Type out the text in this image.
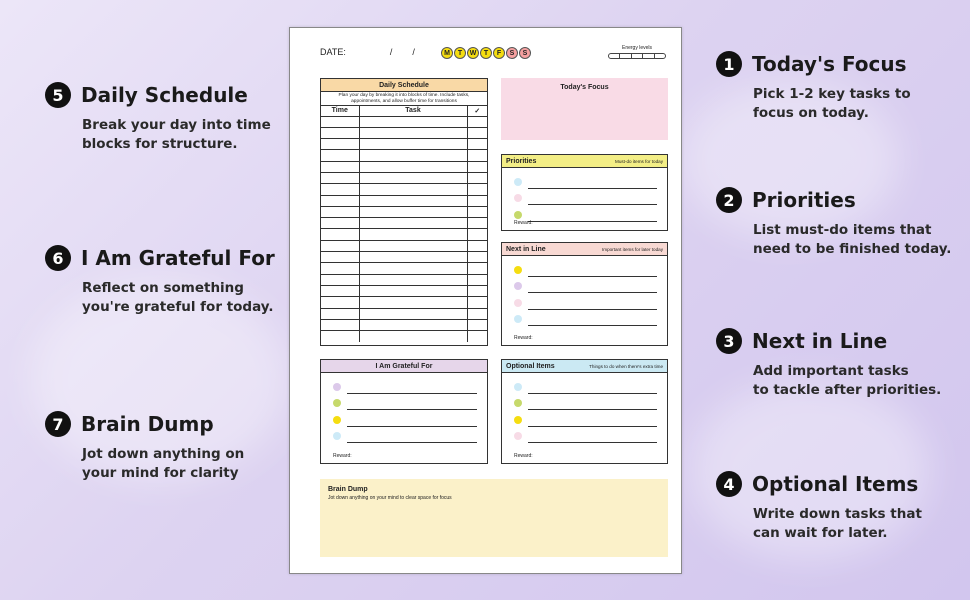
5 Daily Schedule
Break your day into time
blocks for structure.
6 I Am Grateful For
Reflect on something
you're grateful for today.
7 Brain Dump
Jot down anything on
your mind for clarity
1 Today's Focus
Pick 1-2 key tasks to
focus on today.
2 Priorities
List must-do items that
need to be finished today.
3 Next in Line
Add important tasks
to tackle after priorities.
4 Optional Items
Write down tasks that
can wait for later.
DATE:	/ /	M	T	W	T	F	S	S
Energy levels
Daily Schedule
Plan your day by breaking it into blocks of time. Include tasks, appointments, and allow buffer time for transitions
Time	Task	✓

Today's Focus
Priorities	Must-do items for today
Reward:
Next in Line	Important items for later today
Reward:
I Am Grateful For
Reward:
Optional Items	Things to do when there's extra time
Reward:
Brain Dump
Jot down anything on your mind to clear space for focus
